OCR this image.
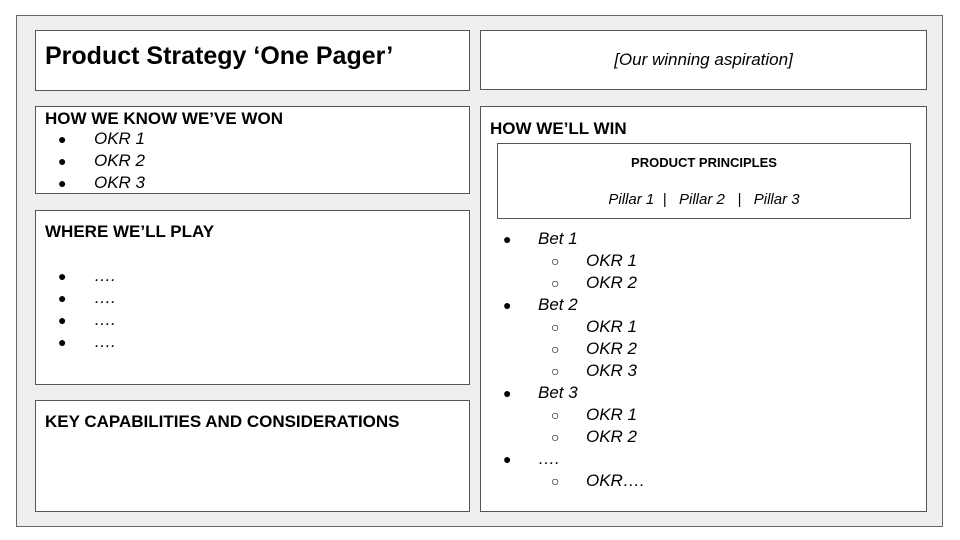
Product Strategy ‘One Pager’	[Our winning aspiration]
HOW WE KNOW WE’VE WON
● OKR 1
● OKR 2
● OKR 3
WHERE WE’LL PLAY
● ….
● ….
● ….
● ….
KEY CAPABILITIES AND CONSIDERATIONS
HOW WE’LL WIN
● Bet 1
○ OKR 1
○ OKR 2
● Bet 2
○ OKR 1
○ OKR 2
○ OKR 3
● Bet 3
○ OKR 1
○ OKR 2
● ….
○ OKR….
PRODUCT PRINCIPLES
Pillar 1  |   Pillar 2   |   Pillar 3
